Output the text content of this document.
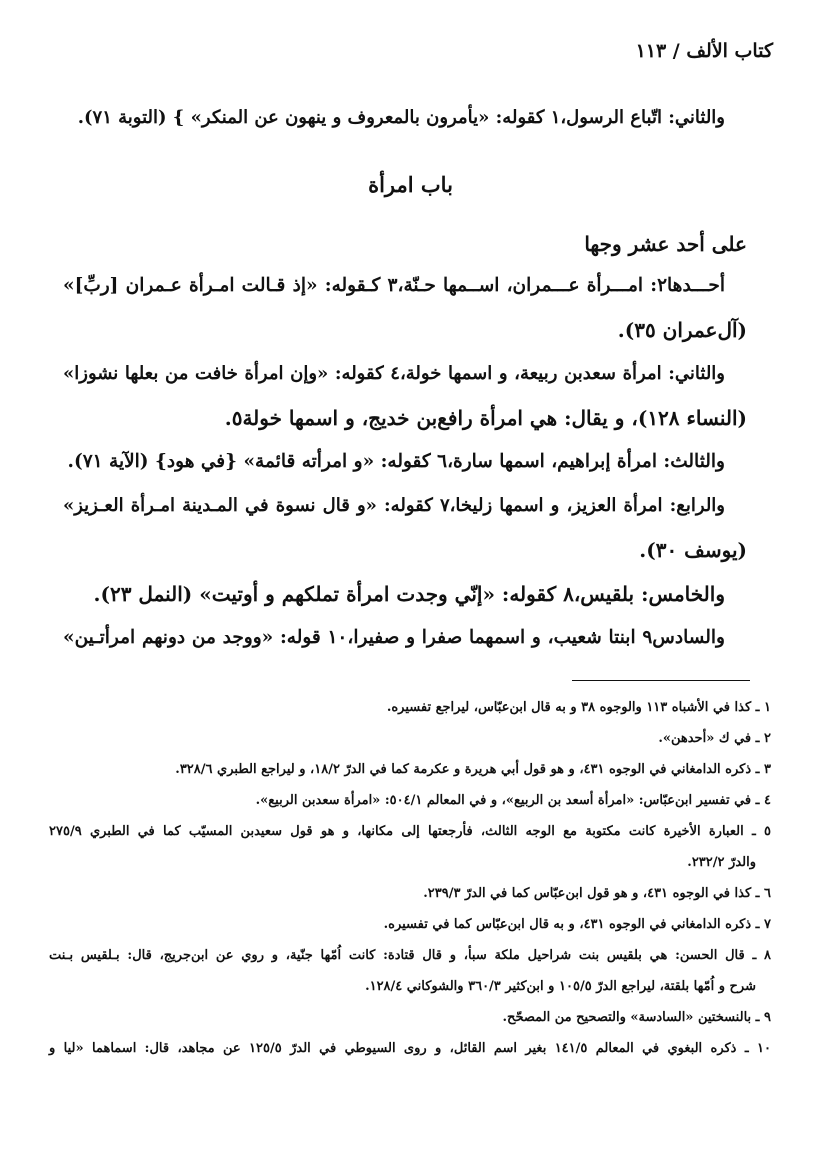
كتاب الألف / ١١٣
والثاني: اتّباع الرسول،١ كقوله: «يأمرون بالمعروف و ينهون عن المنكر» } (التوبة ٧١).
باب امرأة
على أحد عشر وجها
أحـــدها٢: امـــرأة عـــمران، اســمها حـنّة،٣ كـقوله: «إذ قـالت امـرأة عـمران [ربِّ]»
(آل‌عمران ٣٥).
والثاني: امرأة سعدبن ربيعة، و اسمها خولة،٤ كقوله: «وإن امرأة خافت من بعلها نشوزا»
(النساء ١٢٨)، و يقال: هي امرأة رافع‌بن خديج، و اسمها خولة٥.
والثالث: امرأة إبراهيم، اسمها سارة،٦ كقوله: «و امرأته قائمة» {في هود} (الآية ٧١).
والرابع: امرأة العزيز، و اسمها زليخا،٧ كقوله: «و قال نسوة في المـدينة امـرأة العـزيز»
(يوسف ٣٠).
والخامس: بلقيس،٨ كقوله: «إنّي وجدت امرأة تملكهم و أوتيت» (النمل ٢٣).
والسادس٩ ابنتا شعيب، و اسمهما صفرا و صفيرا،١٠ قوله: «ووجد من دونهم امرأتـين»
١ ـ كذا في الأشباه ١١٣ والوجوه ٣٨ و به قال ابن‌عبّاس، ليراجع تفسيره.
٢ ـ في ك «أحدهن».
٣ ـ ذكره الدامغاني في الوجوه ٤٣١، و هو قول أبي هريرة و عكرمة كما في الدرّ ١٨/٢، و ليراجع الطبري ٣٢٨/٦.
٤ ـ في تفسير ابن‌عبّاس: «امرأة أسعد بن الربيع»، و في المعالم ٥٠٤/١: «امرأة سعدبن الربيع».
٥ ـ العبارة الأخيرة كانت مكتوبة مع الوجه الثالث، فأرجعتها إلى مكانها، و هو قول سعيدبن المسيّب كما في الطبري ٢٧٥/٩
والدرّ ٢٣٢/٢.
٦ ـ كذا في الوجوه ٤٣١، و هو قول ابن‌عبّاس كما في الدرّ ٢٣٩/٣.
٧ ـ ذكره الدامغاني في الوجوه ٤٣١، و به قال ابن‌عبّاس كما في تفسيره.
٨ ـ قال الحسن: هي بلقيس بنت شراحيل ملكة سبأ، و قال قتادة: كانت اُمّها جنّية، و روي عن ابن‌جريج، قال: بـلقيس بـنت
شرح و اُمّها بلقتة، ليراجع الدرّ ١٠٥/٥ و ابن‌كثير ٣٦٠/٣ والشوكاني ١٢٨/٤.
٩ ـ بالنسختين «السادسة» والتصحيح من المصحّح.
١٠ ـ ذكره البغوي في المعالم ١٤١/٥ بغير اسم القائل، و روى السيوطي في الدرّ ١٢٥/٥ عن مجاهد، قال: اسماهما «ليا و
